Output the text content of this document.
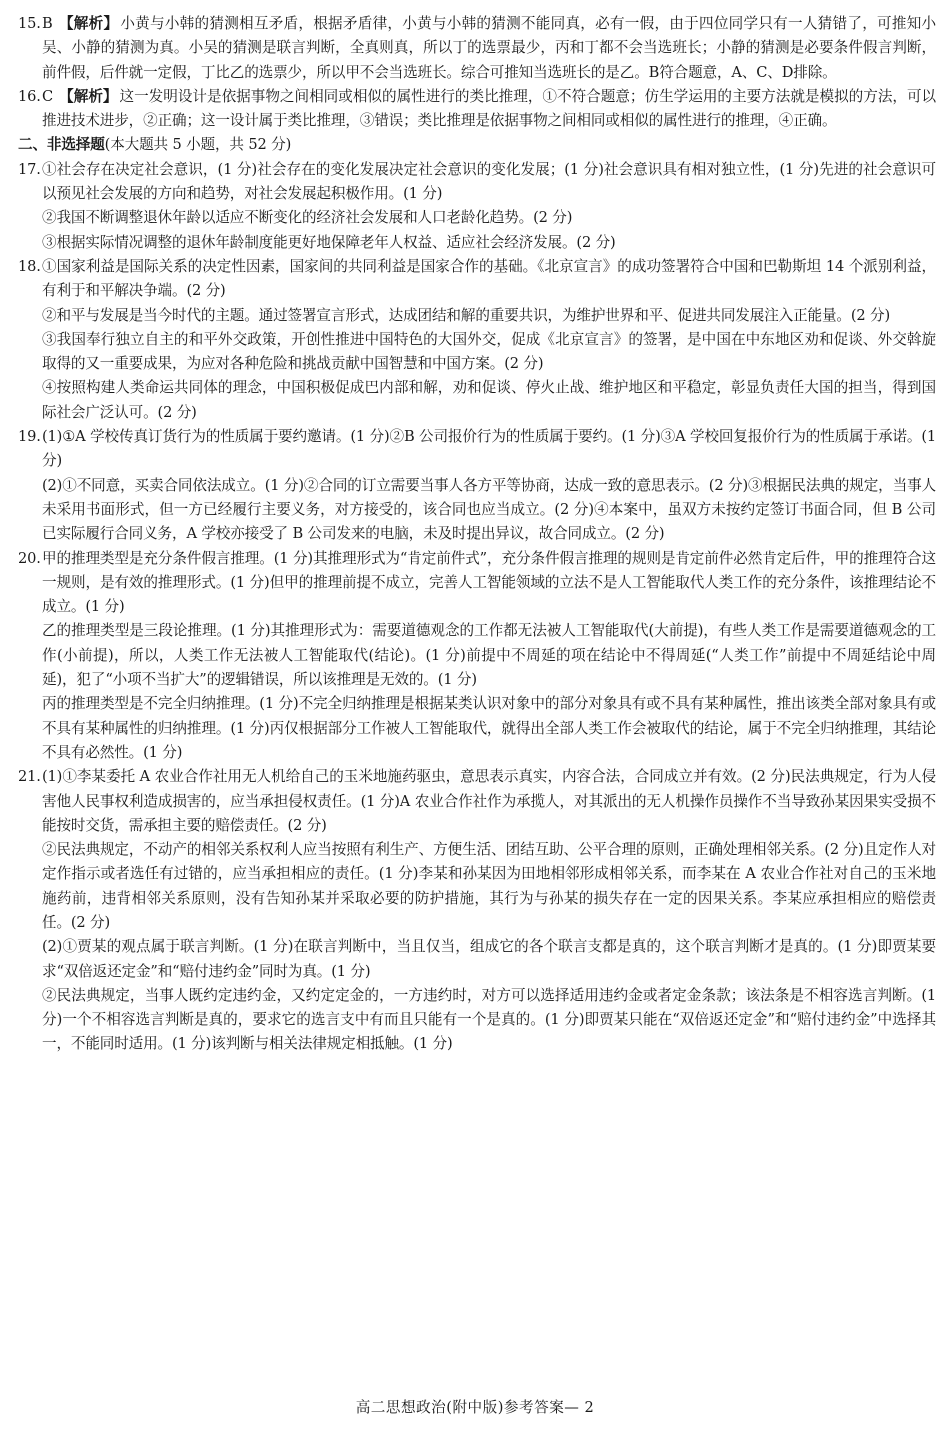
15. B 【解析】 小黄与小韩的猜测相互矛盾，根据矛盾律，小黄与小韩的猜测不能同真，必有一假，由于四位同学只有一人猜错了，可推知小吴、小静的猜测为真。小吴的猜测是联言判断，全真则真，所以丁的选票最少，丙和丁都不会当选班长；小静的猜测是必要条件假言判断，前件假，后件就一定假，丁比乙的选票少，所以甲不会当选班长。综合可推知当选班长的是乙。B符合题意，A、C、D排除。

16. C 【解析】 这一发明设计是依据事物之间相同或相似的属性进行的类比推理，①不符合题意；仿生学运用的主要方法就是模拟的方法，可以推进技术进步，②正确；这一设计属于类比推理，③错误；类比推理是依据事物之间相同或相似的属性进行的推理，④正确。

二、非选择题(本大题共 5 小题，共 52 分)

17. ①社会存在决定社会意识，(1 分)社会存在的变化发展决定社会意识的变化发展；(1 分)社会意识具有相对独立性，(1 分)先进的社会意识可以预见社会发展的方向和趋势，对社会发展起积极作用。(1 分)

②我国不断调整退休年龄以适应不断变化的经济社会发展和人口老龄化趋势。(2 分)

③根据实际情况调整的退休年龄制度能更好地保障老年人权益、适应社会经济发展。(2 分)

18. ①国家利益是国际关系的决定性因素，国家间的共同利益是国家合作的基础。《北京宣言》的成功签署符合中国和巴勒斯坦 14 个派别利益，有利于和平解决争端。(2 分)

②和平与发展是当今时代的主题。通过签署宣言形式，达成团结和解的重要共识，为维护世界和平、促进共同发展注入正能量。(2 分)

③我国奉行独立自主的和平外交政策，开创性推进中国特色的大国外交，促成《北京宣言》的签署，是中国在中东地区劝和促谈、外交斡旋取得的又一重要成果，为应对各种危险和挑战贡献中国智慧和中国方案。(2 分)

④按照构建人类命运共同体的理念，中国积极促成巴内部和解，劝和促谈、停火止战、维护地区和平稳定，彰显负责任大国的担当，得到国际社会广泛认可。(2 分)

19. (1)①A 学校传真订货行为的性质属于要约邀请。(1 分)②B 公司报价行为的性质属于要约。(1 分)③A 学校回复报价行为的性质属于承诺。(1 分)

(2)①不同意，买卖合同依法成立。(1 分)②合同的订立需要当事人各方平等协商，达成一致的意思表示。(2 分)③根据民法典的规定，当事人未采用书面形式，但一方已经履行主要义务，对方接受的，该合同也应当成立。(2 分)④本案中，虽双方未按约定签订书面合同，但 B 公司已实际履行合同义务，A 学校亦接受了 B 公司发来的电脑，未及时提出异议，故合同成立。(2 分)

20. 甲的推理类型是充分条件假言推理。(1 分)其推理形式为“肯定前件式”，充分条件假言推理的规则是肯定前件必然肯定后件，甲的推理符合这一规则，是有效的推理形式。(1 分)但甲的推理前提不成立，完善人工智能领域的立法不是人工智能取代人类工作的充分条件，该推理结论不成立。(1 分)

乙的推理类型是三段论推理。(1 分)其推理形式为：需要道德观念的工作都无法被人工智能取代(大前提)，有些人类工作是需要道德观念的工作(小前提)，所以，人类工作无法被人工智能取代(结论)。(1 分)前提中不周延的项在结论中不得周延(“人类工作”前提中不周延结论中周延)，犯了“小项不当扩大”的逻辑错误，所以该推理是无效的。(1 分)

丙的推理类型是不完全归纳推理。(1 分)不完全归纳推理是根据某类认识对象中的部分对象具有或不具有某种属性，推出该类全部对象具有或不具有某种属性的归纳推理。(1 分)丙仅根据部分工作被人工智能取代，就得出全部人类工作会被取代的结论，属于不完全归纳推理，其结论不具有必然性。(1 分)

21. (1)①李某委托 A 农业合作社用无人机给自己的玉米地施药驱虫，意思表示真实，内容合法，合同成立并有效。(2 分)民法典规定，行为人侵害他人民事权利造成损害的，应当承担侵权责任。(1 分)A 农业合作社作为承揽人，对其派出的无人机操作员操作不当导致孙某因果实受损不能按时交货，需承担主要的赔偿责任。(2 分)

②民法典规定，不动产的相邻关系权利人应当按照有利生产、方便生活、团结互助、公平合理的原则，正确处理相邻关系。(2 分)且定作人对定作指示或者选任有过错的，应当承担相应的责任。(1 分)李某和孙某因为田地相邻形成相邻关系，而李某在 A 农业合作社对自己的玉米地施药前，违背相邻关系原则，没有告知孙某并采取必要的防护措施，其行为与孙某的损失存在一定的因果关系。李某应承担相应的赔偿责任。(2 分)

(2)①贾某的观点属于联言判断。(1 分)在联言判断中，当且仅当，组成它的各个联言支都是真的，这个联言判断才是真的。(1 分)即贾某要求“双倍返还定金”和“赔付违约金”同时为真。(1 分)

②民法典规定，当事人既约定违约金，又约定定金的，一方违约时，对方可以选择适用违约金或者定金条款；该法条是不相容选言判断。(1 分)一个不相容选言判断是真的，要求它的选言支中有而且只能有一个是真的。(1 分)即贾某只能在“双倍返还定金”和“赔付违约金”中选择其一，不能同时适用。(1 分)该判断与相关法律规定相抵触。(1 分)

高二思想政治(附中版)参考答案— 2
